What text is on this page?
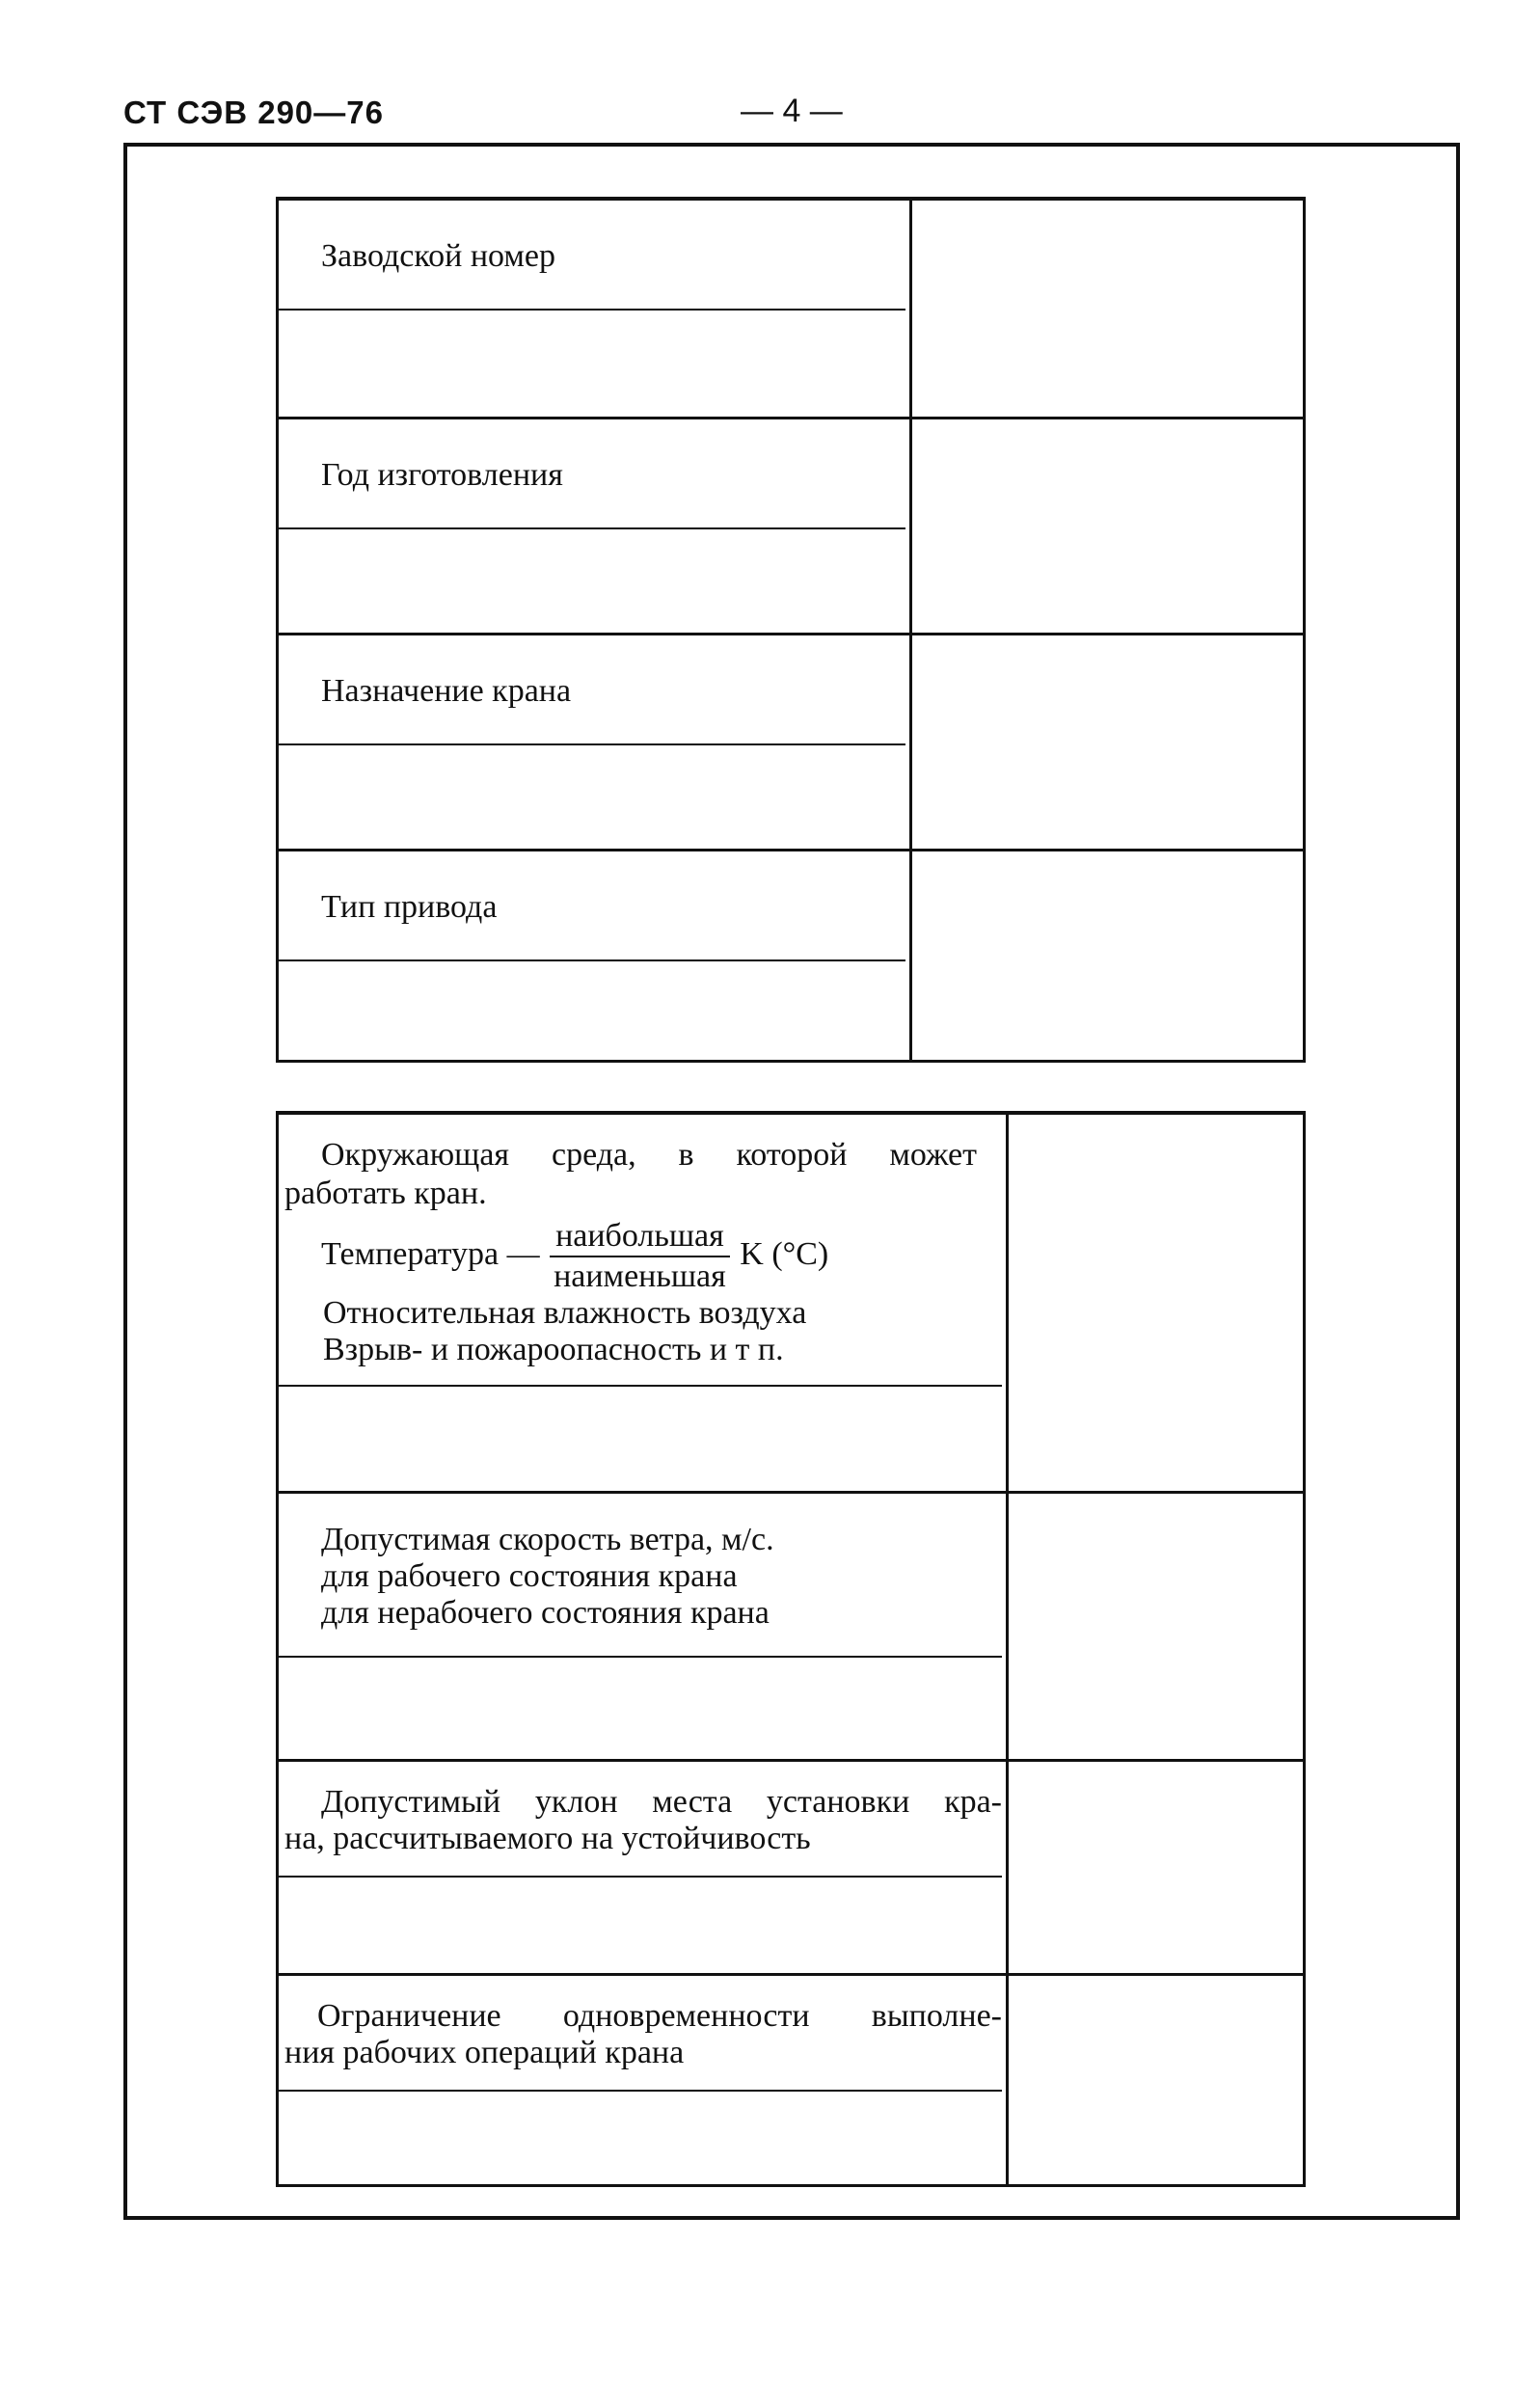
СТ СЭВ 290—76	— 4 —
Заводской номер
Год изготовления
Назначение крана
Тип привода
Окружающая среда, в которой может
работать кран.
Температура — $\frac{\text{наибольшая}}{\text{наименьшая}}$ K (°C)
Относительная влажность воздуха
Взрыв- и пожароопасность и т п.
Допустимая скорость ветра, м/с.
для рабочего состояния крана
для нерабочего состояния крана
Допустимый уклон места установки кра-
на, рассчитываемого на устойчивость
Ограничение одновременности выполне-
ния рабочих операций крана
